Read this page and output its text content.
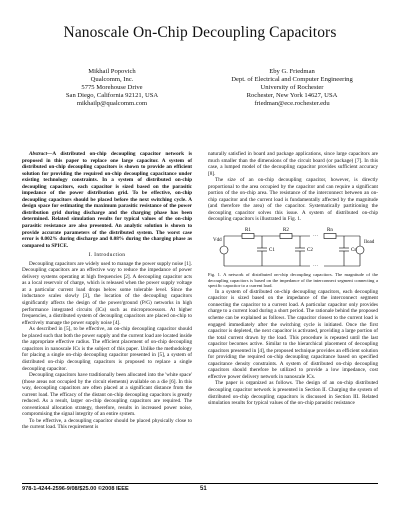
Nanoscale On-Chip Decoupling Capacitors
Mikhail Popovich
Qualcomm, Inc.
5775 Morehouse Drive
San Diego, California 92121, USA
mikhailp@qualcomm.com
Eby G. Friedman
Dept. of Electrical and Computer Engineering
University of Rochester
Rochester, New York 14627, USA
friedman@ece.rochester.edu

Abstract—A distributed on-chip decoupling capacitor network is proposed in this paper to replace one large capacitor. A system of distributed on-chip decoupling capacitors is shown to provide an efficient solution for providing the required on-chip decoupling capacitance under existing technology constraints. In a system of distributed on-chip decoupling capacitors, each capacitor is sized based on the parasitic impedance of the power distribution grid. To be effective, on-chip decoupling capacitors should be placed before the next switching cycle. A design space for estimating the maximum parasitic resistance of the power distribution grid during discharge and the charging phase has been determined. Related simulation results for typical values of the on-chip parasitic resistance are also presented. An analytic solution is shown to provide accurate parameters of the distributed system. The worst case error is 0.002% during discharge and 0.08% during the charging phase as compared to SPICE.

I. Introduction

Decoupling capacitors are widely used to manage the power supply noise [1]. Decoupling capacitors are an effective way to reduce the impedance of power delivery systems operating at high frequencies [2]. A decoupling capacitor acts as a local reservoir of charge, which is released when the power supply voltage at a particular current load drops below some tolerable level. Since the inductance scales slowly [3], the location of the decoupling capacitors significantly affects the design of the power/ground (P/G) networks in high performance integrated circuits (ICs) such as microprocessors. At higher frequencies, a distributed system of decoupling capacitors are placed on-chip to effectively manage the power supply noise [4].

As described in [5], to be effective, an on-chip decoupling capacitor should be placed such that both the power supply and the current load are located inside the appropriate effective radius. The efficient placement of on-chip decoupling capacitors in nanoscale ICs is the subject of this paper. Unlike the methodology for placing a single on-chip decoupling capacitor presented in [5], a system of distributed on-chip decoupling capacitors is proposed to replace a single decoupling capacitor.

Decoupling capacitors have traditionally been allocated into the 'white space' (those areas not occupied by the circuit elements) available on a die [6]. In this way, decoupling capacitors are often placed at a significant distance from the current load. The efficacy of the distant on-chip decoupling capacitors is greatly reduced. As a result, larger on-chip decoupling capacitors are required. The conventional allocation strategy, therefore, results in increased power noise, compromising the signal integrity of an entire system.

To be effective, a decoupling capacitor should be placed physically close to the current load. This requirement is

naturally satisfied in board and package applications, since large capacitors are much smaller than the dimensions of the circuit board (or package) [7]. In this case, a lumped model of the decoupling capacitor provides sufficient accuracy [8].

The size of an on-chip decoupling capacitor, however, is directly proportional to the area occupied by the capacitor and can require a significant portion of the on-chip area. The resistance of the interconnect between an on-chip capacitor and the current load is fundamentally affected by the magnitude (and therefore the area) of the capacitor. Systematically partitioning the decoupling capacitor solves this issue. A system of distributed on-chip decoupling capacitors is illustrated in Fig. 1.

Vdd
R1	R2	Rn
C1	C2	Cn
Iload
···
···

Fig. 1. A network of distributed on-chip decoupling capacitors. The magnitude of the decoupling capacitors is based on the impedance of the interconnect segment connecting a specific capacitor to a current load.

In a system of distributed on-chip decoupling capacitors, each decoupling capacitor is sized based on the impedance of the interconnect segment connecting the capacitor to a current load. A particular capacitor only provides charge to a current load during a short period. The rationale behind the proposed scheme can be explained as follows. The capacitor closest to the current load is engaged immediately after the switching cycle is initiated. Once the first capacitor is depleted, the next capacitor is activated, providing a large portion of the total current drawn by the load. This procedure is repeated until the last capacitor becomes active. Similar to the hierarchical placement of decoupling capacitors presented in [4], the proposed technique provides an efficient solution for providing the required on-chip decoupling capacitance based on specified capacitance density constraints. A system of distributed on-chip decoupling capacitors should therefore be utilized to provide a low impedance, cost effective power delivery network in nanoscale ICs.

The paper is organized as follows. The design of an on-chip distributed decoupling capacitor network is presented in Section II. Charging the system of distributed on-chip decoupling capacitors is discussed in Section III. Related simulation results for typical values of the on-chip parasitic resistance

978-1-4244-2596-9/08/$25.00 ©2008 IEEE	51
